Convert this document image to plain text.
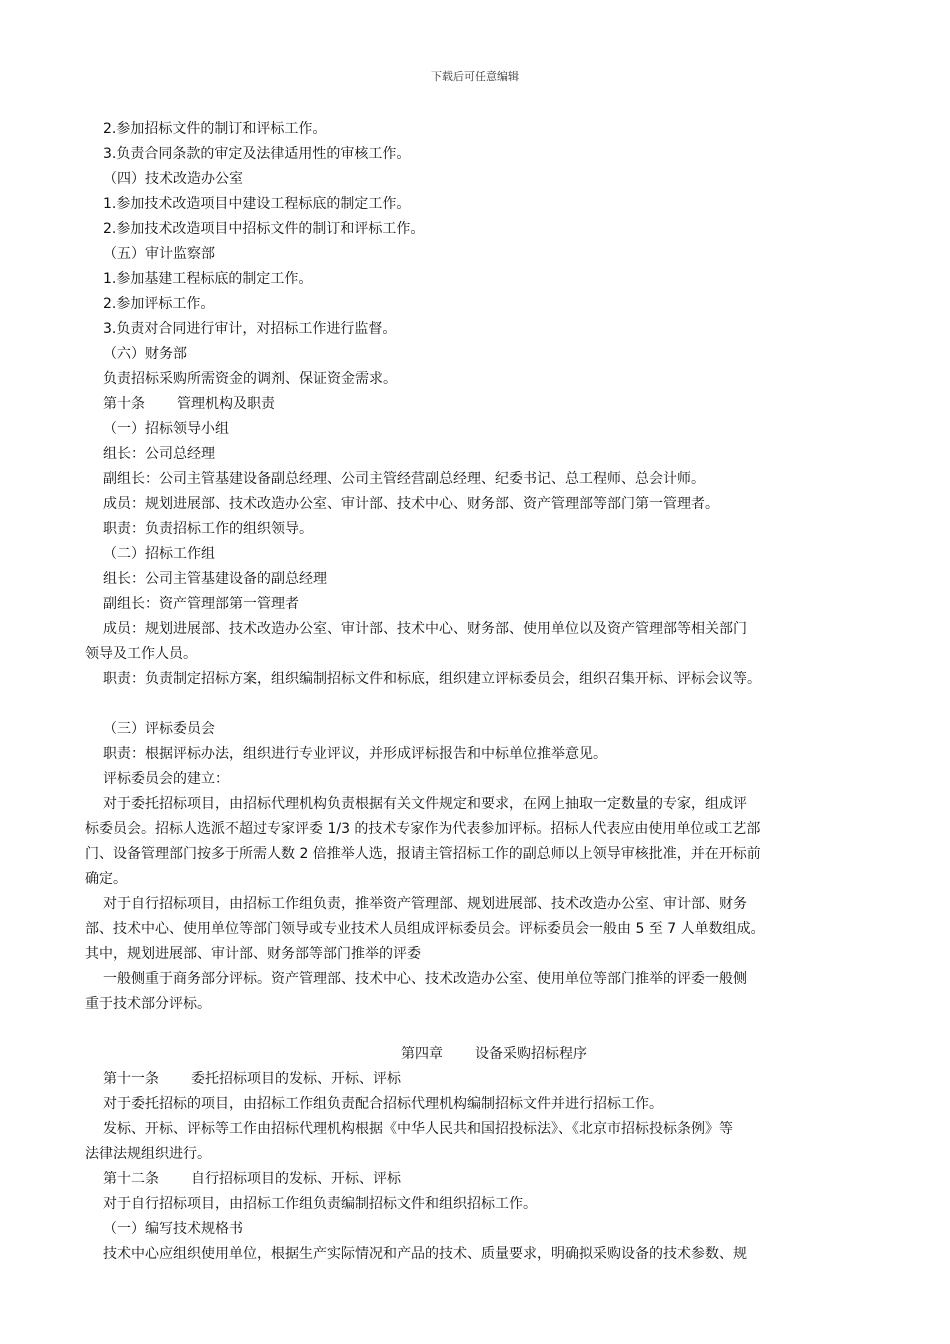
下载后可任意编辑

2.参加招标文件的制订和评标工作。

3.负责合同条款的审定及法律适用性的审核工作。

（四）技术改造办公室

1.参加技术改造项目中建设工程标底的制定工作。

2.参加技术改造项目中招标文件的制订和评标工作。

（五）审计监察部

1.参加基建工程标底的制定工作。

2.参加评标工作。

3.负责对合同进行审计，对招标工作进行监督。

（六）财务部

负责招标采购所需资金的调剂、保证资金需求。

第十条 管理机构及职责

（一）招标领导小组

组长：公司总经理

副组长：公司主管基建设备副总经理、公司主管经营副总经理、纪委书记、总工程师、总会计师。

成员：规划进展部、技术改造办公室、审计部、技术中心、财务部、资产管理部等部门第一管理者。

职责：负责招标工作的组织领导。

（二）招标工作组

组长：公司主管基建设备的副总经理

副组长：资产管理部第一管理者

成员：规划进展部、技术改造办公室、审计部、技术中心、财务部、使用单位以及资产管理部等相关部门

领导及工作人员。

职责：负责制定招标方案，组织编制招标文件和标底，组织建立评标委员会，组织召集开标、评标会议等。

（三）评标委员会

职责：根据评标办法，组织进行专业评议，并形成评标报告和中标单位推举意见。

评标委员会的建立：

对于委托招标项目，由招标代理机构负责根据有关文件规定和要求，在网上抽取一定数量的专家，组成评

标委员会。招标人选派不超过专家评委 1/3 的技术专家作为代表参加评标。招标人代表应由使用单位或工艺部

门、设备管理部门按多于所需人数 2 倍推举人选，报请主管招标工作的副总师以上领导审核批准，并在开标前

确定。

对于自行招标项目，由招标工作组负责，推举资产管理部、规划进展部、技术改造办公室、审计部、财务

部、技术中心、使用单位等部门领导或专业技术人员组成评标委员会。评标委员会一般由 5 至 7 人单数组成。

其中，规划进展部、审计部、财务部等部门推举的评委

一般侧重于商务部分评标。资产管理部、技术中心、技术改造办公室、使用单位等部门推举的评委一般侧

重于技术部分评标。

第四章 设备采购招标程序

第十一条 委托招标项目的发标、开标、评标

对于委托招标的项目，由招标工作组负责配合招标代理机构编制招标文件并进行招标工作。

发标、开标、评标等工作由招标代理机构根据《中华人民共和国招投标法》、《北京市招标投标条例》等

法律法规组织进行。

第十二条 自行招标项目的发标、开标、评标

对于自行招标项目，由招标工作组负责编制招标文件和组织招标工作。

（一）编写技术规格书

技术中心应组织使用单位，根据生产实际情况和产品的技术、质量要求，明确拟采购设备的技术参数、规
